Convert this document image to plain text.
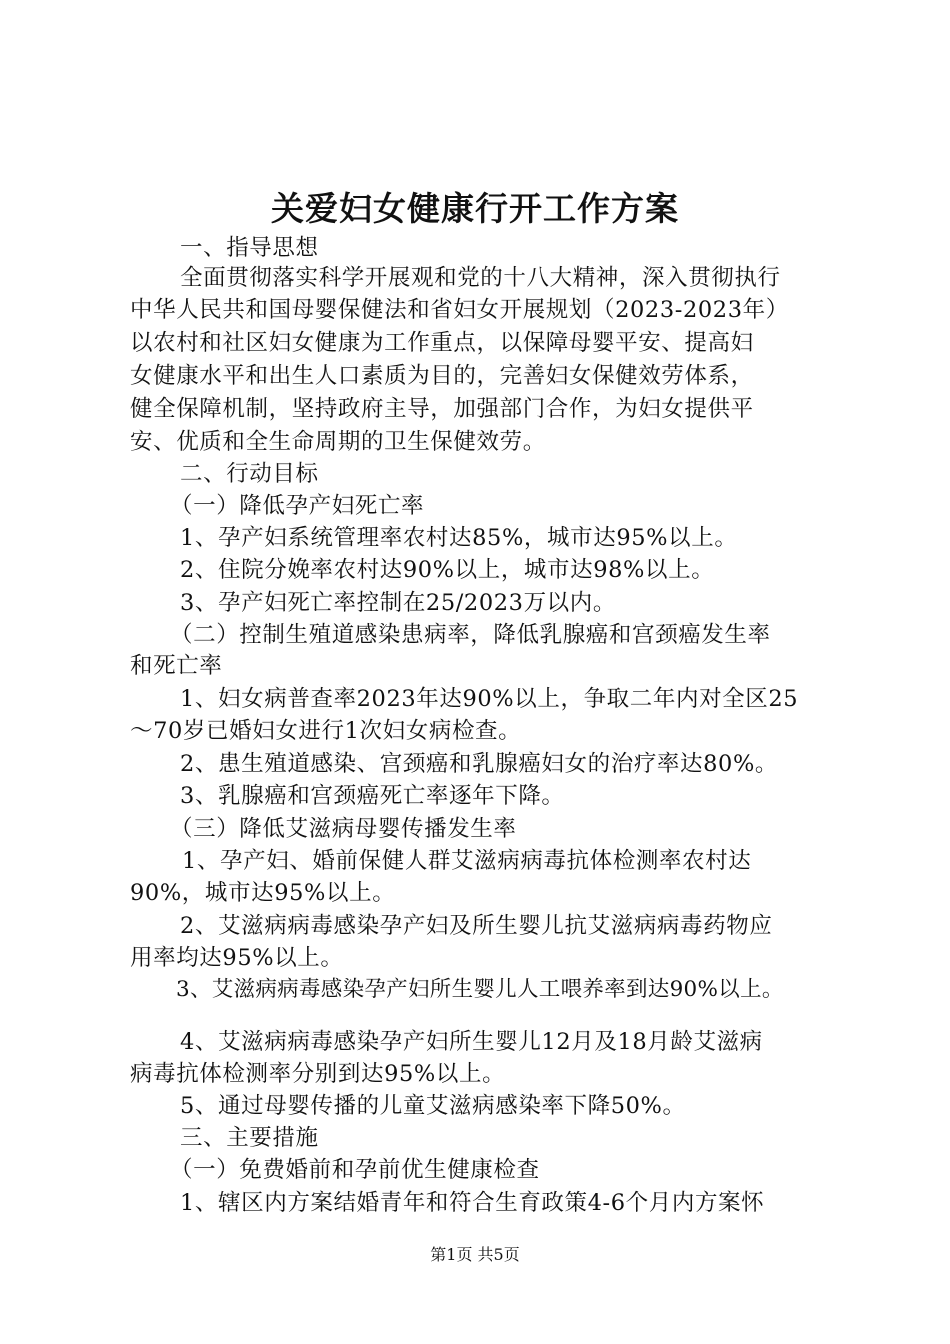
关爱妇女健康行开工作方案
一、指导思想
全面贯彻落实科学开展观和党的十八大精神，深入贯彻执行
中华人民共和国母婴保健法和省妇女开展规划（2023-2023年）
以农村和社区妇女健康为工作重点，以保障母婴平安、提高妇
女健康水平和出生人口素质为目的，完善妇女保健效劳体系，
健全保障机制，坚持政府主导，加强部门合作，为妇女提供平
安、优质和全生命周期的卫生保健效劳。
二、行动目标
（一）降低孕产妇死亡率
1、孕产妇系统管理率农村达85%，城市达95%以上。
2、住院分娩率农村达90%以上，城市达98%以上。
3、孕产妇死亡率控制在25/2023万以内。
（二）控制生殖道感染患病率，降低乳腺癌和宫颈癌发生率
和死亡率
1、妇女病普查率2023年达90%以上，争取二年内对全区25
～70岁已婚妇女进行1次妇女病检查。
2、患生殖道感染、宫颈癌和乳腺癌妇女的治疗率达80%。
3、乳腺癌和宫颈癌死亡率逐年下降。
（三）降低艾滋病母婴传播发生率
1、孕产妇、婚前保健人群艾滋病病毒抗体检测率农村达
90%，城市达95%以上。
2、艾滋病病毒感染孕产妇及所生婴儿抗艾滋病病毒药物应
用率均达95%以上。
3、艾滋病病毒感染孕产妇所生婴儿人工喂养率到达90%以上。
4、艾滋病病毒感染孕产妇所生婴儿12月及18月龄艾滋病
病毒抗体检测率分别到达95%以上。
5、通过母婴传播的儿童艾滋病感染率下降50%。
三、主要措施
（一）免费婚前和孕前优生健康检查
1、辖区内方案结婚青年和符合生育政策4-6个月内方案怀
第1页 共5页
